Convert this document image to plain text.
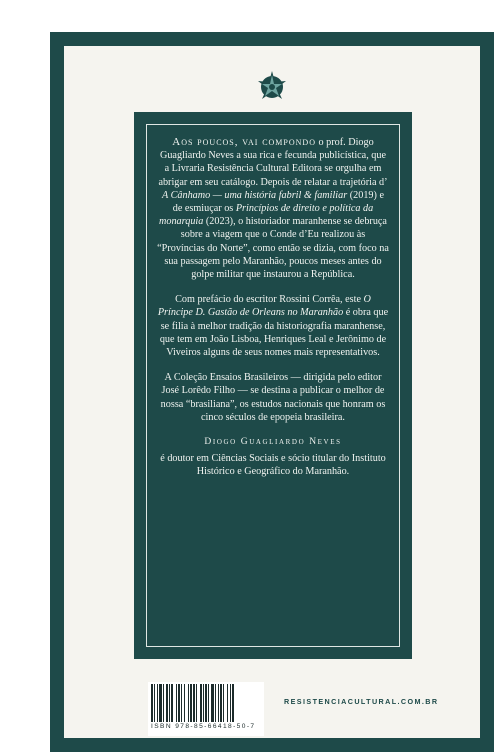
Aos poucos, vai compondo o prof. Diogo Guagliardo Neves a sua rica e fecunda publicística, que a Livraria Resistência Cultural Editora se orgulha em abrigar em seu catálogo. Depois de relatar a trajetória d’ A Cânhamo — uma história fabril & familiar (2019) e de esmiuçar os Princípios de direito e política da monarquia (2023), o historiador maranhense se debruça sobre a viagem que o Conde d’Eu realizou às “Províncias do Norte”, como então se dizia, com foco na sua passagem pelo Maranhão, poucos meses antes do golpe militar que instaurou a República.

Com prefácio do escritor Rossini Corrêa, este O Príncipe D. Gastão de Orleans no Maranhão é obra que se filia à melhor tradição da historiografia maranhense, que tem em João Lisboa, Henriques Leal e Jerônimo de Viveiros alguns de seus nomes mais representativos.

A Coleção Ensaios Brasileiros — dirigida pelo editor José Lorêdo Filho — se destina a publicar o melhor de nossa “brasiliana”, os estudos nacionais que honram os cinco séculos de epopeia brasileira.

Diogo Guagliardo Neves

é doutor em Ciências Sociais e sócio titular do Instituto Histórico e Geográfico do Maranhão.

ISBN 978-85-66418-50-7
RESISTENCIACULTURAL.COM.BR
